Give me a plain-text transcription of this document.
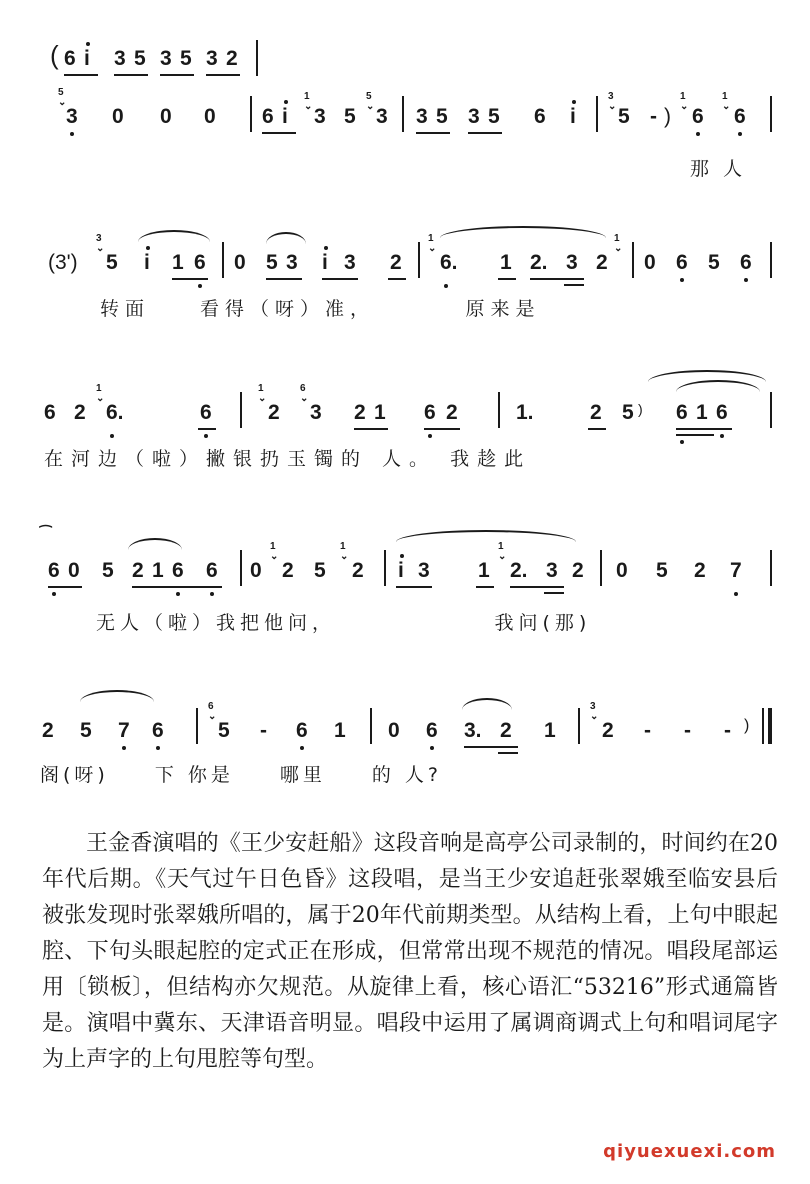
( 6 i 3 5 3 5 3 2
5
⌄
3 0 0 0 6 i
1
⌄ 3 5
5
⌄ 3 3 5 3 5 6 i
3
⌄ 5 - )
1
⌄ 6
1
⌄ 6
那人
(3')
3
⌄
5 i 1 6 0 5 3 i 3 2
1
⌄
6. 1 2. 3 2
1
⌄
0 6 5 6
转面　　看得（呀）准，　　　　原来是
6 2
1
⌄
6.	6
1
⌄
2
6
⌄
3 2 1 6 2	1.	2 5 ) 6 1 6
在河边（啦）撇银扔玉镯的 人。 我趁此
⁀
6 0 5 2 1 6 6 0
1
⌄
2 5
1
⌄
2 i 3 1
1
⌄
2. 3 2 0 5 2 7
无人（啦）我把他问，　　　　　　　我问(那)
2 5 7 6
6
⌄
5 - 6 1 0 6 3. 2 1
3
⌄
2 - - - )
阁(呀)　　下 你是　　哪里　　的 人?

王金香演唱的《王少安赶船》这段音响是高亭公司录制的，时间约在20年代后期。《天气过午日色昏》这段唱，是当王少安追赶张翠娥至临安县后被张发现时张翠娥所唱的，属于20年代前期类型。从结构上看，上句中眼起腔、下句头眼起腔的定式正在形成，但常常出现不规范的情况。唱段尾部运用〔锁板〕，但结构亦欠规范。从旋律上看，核心语汇“53216”形式通篇皆是。演唱中冀东、天津语音明显。唱段中运用了属调商调式上句和唱词尾字为上声字的上句甩腔等句型。

qiyuexuexi.com
